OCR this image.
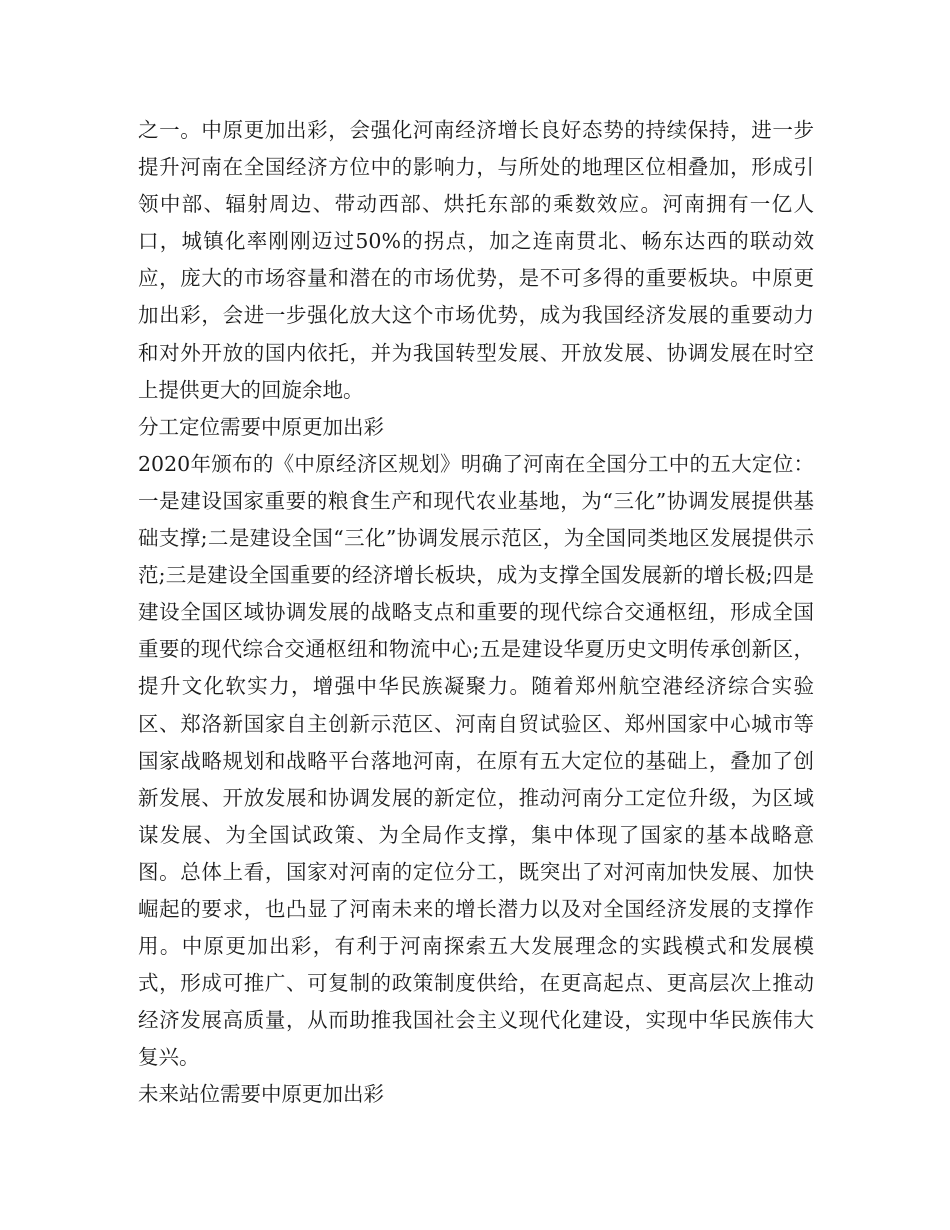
之一。中原更加出彩，会强化河南经济增长良好态势的持续保持，进一步提升河南在全国经济方位中的影响力，与所处的地理区位相叠加，形成引领中部、辐射周边、带动西部、烘托东部的乘数效应。河南拥有一亿人口，城镇化率刚刚迈过50%的拐点，加之连南贯北、畅东达西的联动效应，庞大的市场容量和潜在的市场优势，是不可多得的重要板块。中原更加出彩，会进一步强化放大这个市场优势，成为我国经济发展的重要动力和对外开放的国内依托，并为我国转型发展、开放发展、协调发展在时空上提供更大的回旋余地。

分工定位需要中原更加出彩

2020年颁布的《中原经济区规划》明确了河南在全国分工中的五大定位：一是建设国家重要的粮食生产和现代农业基地，为“三化”协调发展提供基础支撑;二是建设全国“三化”协调发展示范区，为全国同类地区发展提供示范;三是建设全国重要的经济增长板块，成为支撑全国发展新的增长极;四是建设全国区域协调发展的战略支点和重要的现代综合交通枢纽，形成全国重要的现代综合交通枢纽和物流中心;五是建设华夏历史文明传承创新区，提升文化软实力，增强中华民族凝聚力。随着郑州航空港经济综合实验区、郑洛新国家自主创新示范区、河南自贸试验区、郑州国家中心城市等国家战略规划和战略平台落地河南，在原有五大定位的基础上，叠加了创新发展、开放发展和协调发展的新定位，推动河南分工定位升级，为区域谋发展、为全国试政策、为全局作支撑，集中体现了国家的基本战略意图。总体上看，国家对河南的定位分工，既突出了对河南加快发展、加快崛起的要求，也凸显了河南未来的增长潜力以及对全国经济发展的支撑作用。中原更加出彩，有利于河南探索五大发展理念的实践模式和发展模式，形成可推广、可复制的政策制度供给，在更高起点、更高层次上推动经济发展高质量，从而助推我国社会主义现代化建设，实现中华民族伟大复兴。

未来站位需要中原更加出彩
